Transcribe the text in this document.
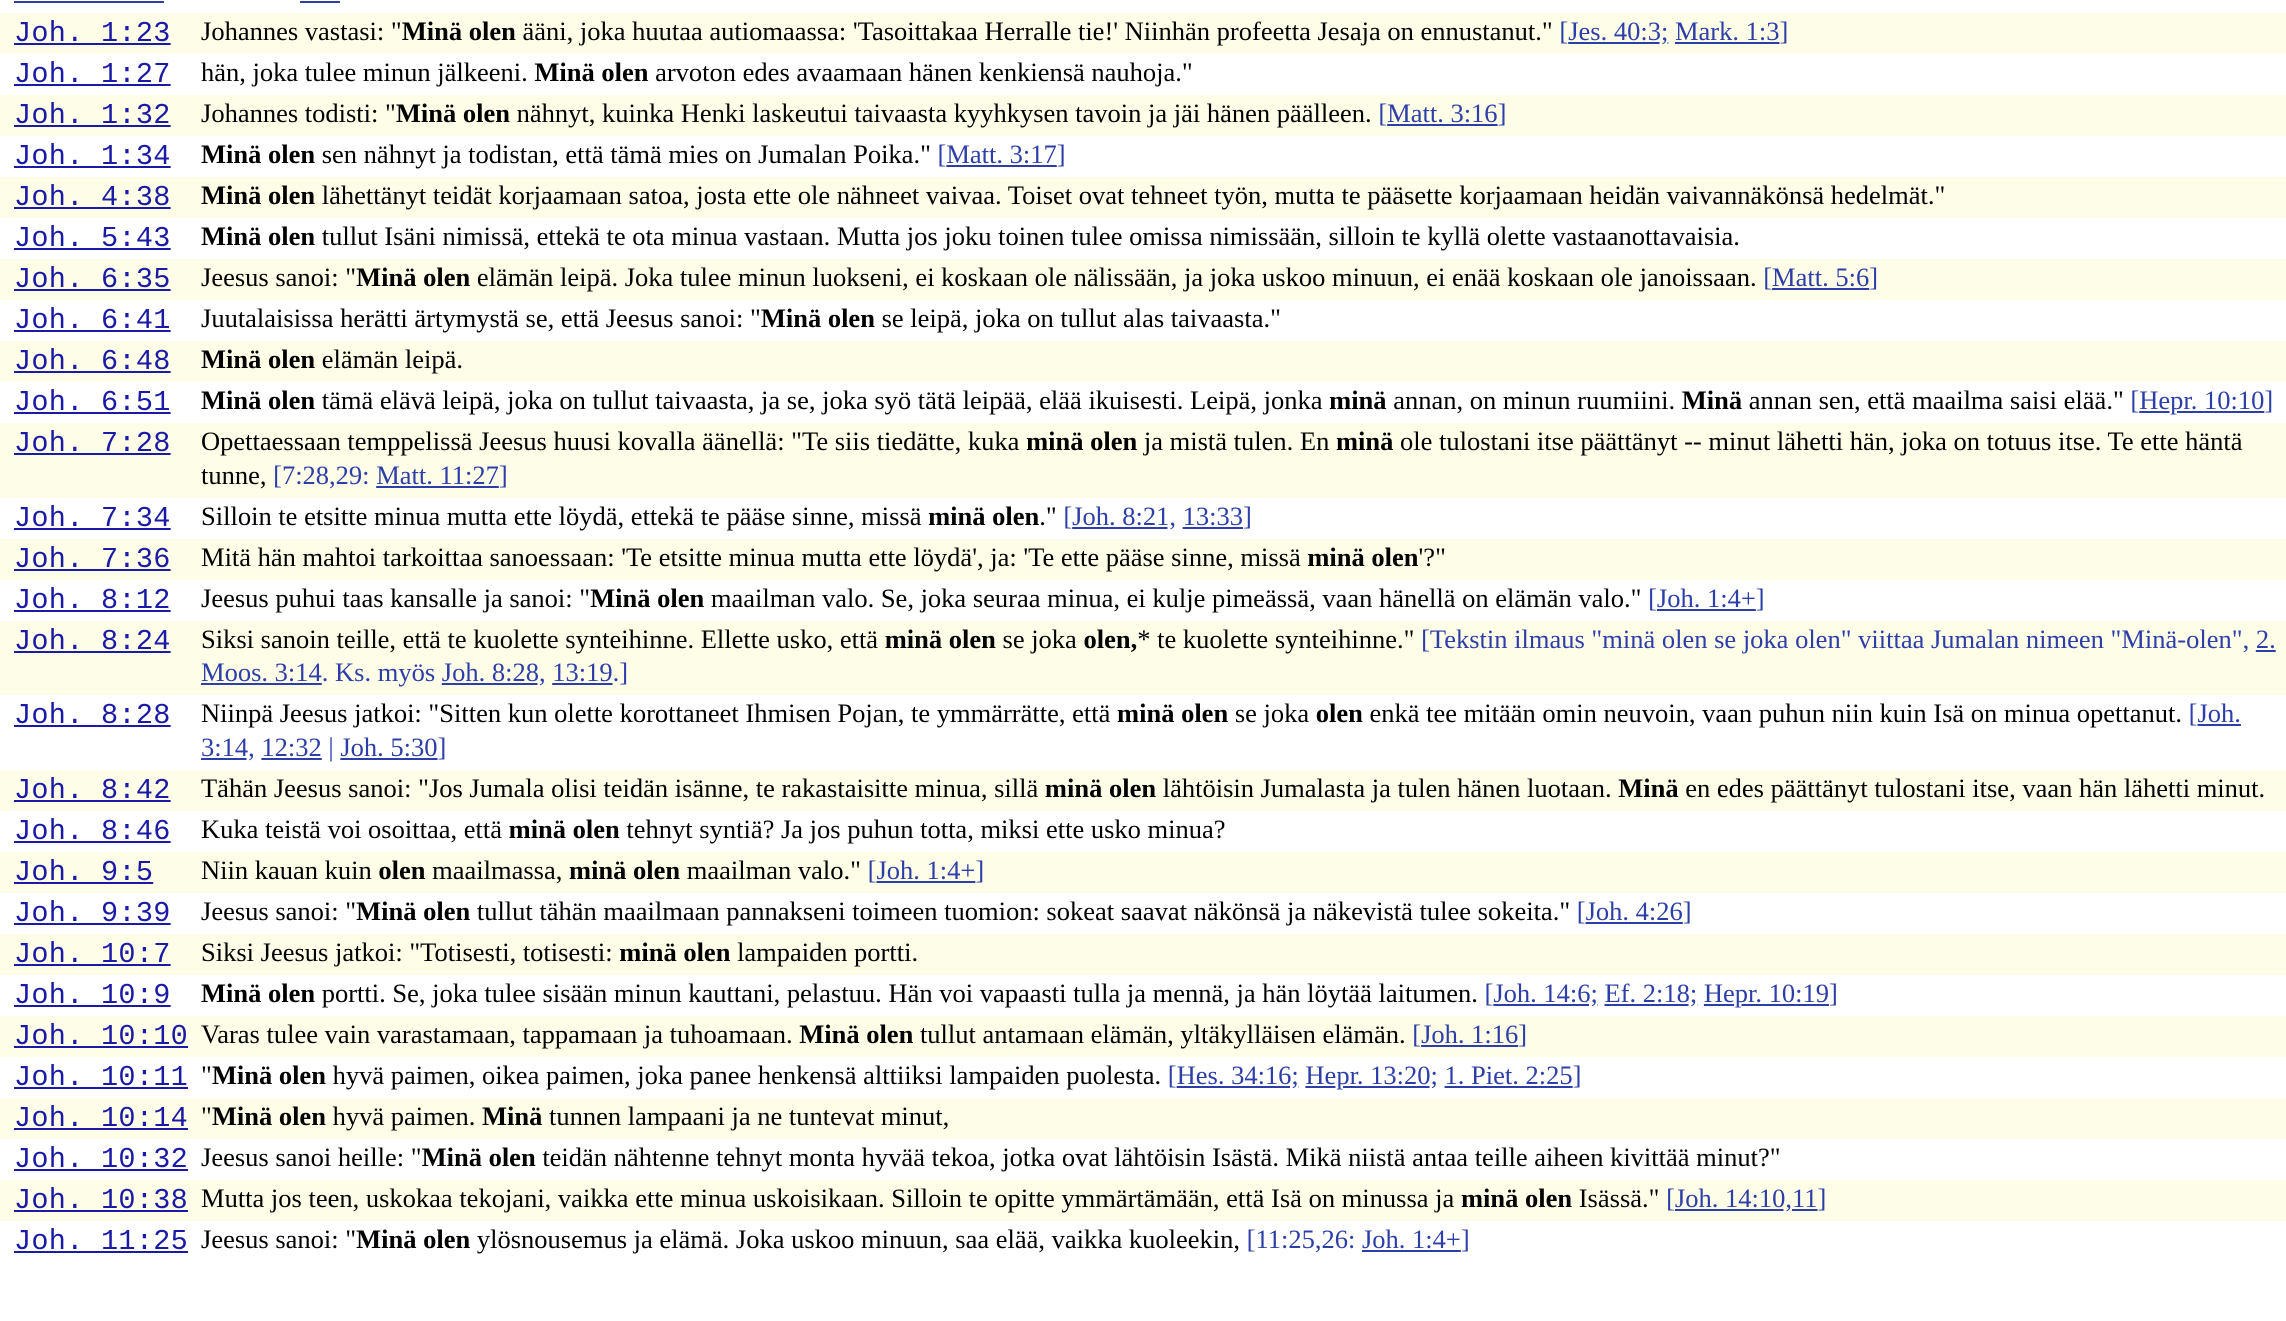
Joh. 1:23	Johannes vastasi: "Minä olen ääni, joka huutaa autiomaassa: 'Tasoittakaa Herralle tie!' Niinhän profeetta Jesaja on ennustanut." [Jes. 40:3; Mark. 1:3]
Joh. 1:27	hän, joka tulee minun jälkeeni. Minä olen arvoton edes avaamaan hänen kenkiensä nauhoja."
Joh. 1:32	Johannes todisti: "Minä olen nähnyt, kuinka Henki laskeutui taivaasta kyyhkysen tavoin ja jäi hänen päälleen. [Matt. 3:16]
Joh. 1:34	Minä olen sen nähnyt ja todistan, että tämä mies on Jumalan Poika." [Matt. 3:17]
Joh. 4:38	Minä olen lähettänyt teidät korjaamaan satoa, josta ette ole nähneet vaivaa. Toiset ovat tehneet työn, mutta te pääsette korjaamaan heidän vaivannäkönsä hedelmät."
Joh. 5:43	Minä olen tullut Isäni nimissä, ettekä te ota minua vastaan. Mutta jos joku toinen tulee omissa nimissään, silloin te kyllä olette vastaanottavaisia.
Joh. 6:35	Jeesus sanoi: "Minä olen elämän leipä. Joka tulee minun luokseni, ei koskaan ole nälissään, ja joka uskoo minuun, ei enää koskaan ole janoissaan. [Matt. 5:6]
Joh. 6:41	Juutalaisissa herätti ärtymystä se, että Jeesus sanoi: "Minä olen se leipä, joka on tullut alas taivaasta."
Joh. 6:48	Minä olen elämän leipä.
Joh. 6:51	Minä olen tämä elävä leipä, joka on tullut taivaasta, ja se, joka syö tätä leipää, elää ikuisesti. Leipä, jonka minä annan, on minun ruumiini. Minä annan sen, että maailma saisi elää." [Hepr. 10:10]
Joh. 7:28	Opettaessaan temppelissä Jeesus huusi kovalla äänellä: "Te siis tiedätte, kuka minä olen ja mistä tulen. En minä ole tulostani itse päättänyt -- minut lähetti hän, joka on totuus itse. Te ette häntä tunne, [7:28,29: Matt. 11:27]
Joh. 7:34	Silloin te etsitte minua mutta ette löydä, ettekä te pääse sinne, missä minä olen." [Joh. 8:21, 13:33]
Joh. 7:36	Mitä hän mahtoi tarkoittaa sanoessaan: 'Te etsitte minua mutta ette löydä', ja: 'Te ette pääse sinne, missä minä olen'?"
Joh. 8:12	Jeesus puhui taas kansalle ja sanoi: "Minä olen maailman valo. Se, joka seuraa minua, ei kulje pimeässä, vaan hänellä on elämän valo." [Joh. 1:4+]
Joh. 8:24	Siksi sanoin teille, että te kuolette synteihinne. Ellette usko, että minä olen se joka olen,* te kuolette synteihinne." [Tekstin ilmaus "minä olen se joka olen" viittaa Jumalan nimeen "Minä-olen", 2. Moos. 3:14. Ks. myös Joh. 8:28, 13:19.]
Joh. 8:28	Niinpä Jeesus jatkoi: "Sitten kun olette korottaneet Ihmisen Pojan, te ymmärrätte, että minä olen se joka olen enkä tee mitään omin neuvoin, vaan puhun niin kuin Isä on minua opettanut. [Joh. 3:14, 12:32 | Joh. 5:30]
Joh. 8:42	Tähän Jeesus sanoi: "Jos Jumala olisi teidän isänne, te rakastaisitte minua, sillä minä olen lähtöisin Jumalasta ja tulen hänen luotaan. Minä en edes päättänyt tulostani itse, vaan hän lähetti minut.
Joh. 8:46	Kuka teistä voi osoittaa, että minä olen tehnyt syntiä? Ja jos puhun totta, miksi ette usko minua?
Joh. 9:5	Niin kauan kuin olen maailmassa, minä olen maailman valo." [Joh. 1:4+]
Joh. 9:39	Jeesus sanoi: "Minä olen tullut tähän maailmaan pannakseni toimeen tuomion: sokeat saavat näkönsä ja näkevistä tulee sokeita." [Joh. 4:26]
Joh. 10:7	Siksi Jeesus jatkoi: "Totisesti, totisesti: minä olen lampaiden portti.
Joh. 10:9	Minä olen portti. Se, joka tulee sisään minun kauttani, pelastuu. Hän voi vapaasti tulla ja mennä, ja hän löytää laitumen. [Joh. 14:6; Ef. 2:18; Hepr. 10:19]
Joh. 10:10	Varas tulee vain varastamaan, tappamaan ja tuhoamaan. Minä olen tullut antamaan elämän, yltäkylläisen elämän. [Joh. 1:16]
Joh. 10:11	"Minä olen hyvä paimen, oikea paimen, joka panee henkensä alttiiksi lampaiden puolesta. [Hes. 34:16; Hepr. 13:20; 1. Piet. 2:25]
Joh. 10:14	"Minä olen hyvä paimen. Minä tunnen lampaani ja ne tuntevat minut,
Joh. 10:32	Jeesus sanoi heille: "Minä olen teidän nähtenne tehnyt monta hyvää tekoa, jotka ovat lähtöisin Isästä. Mikä niistä antaa teille aiheen kivittää minut?"
Joh. 10:38	Mutta jos teen, uskokaa tekojani, vaikka ette minua uskoisikaan. Silloin te opitte ymmärtämään, että Isä on minussa ja minä olen Isässä." [Joh. 14:10,11]
Joh. 11:25	Jeesus sanoi: "Minä olen ylösnousemus ja elämä. Joka uskoo minuun, saa elää, vaikka kuoleekin, [11:25,26: Joh. 1:4+]
